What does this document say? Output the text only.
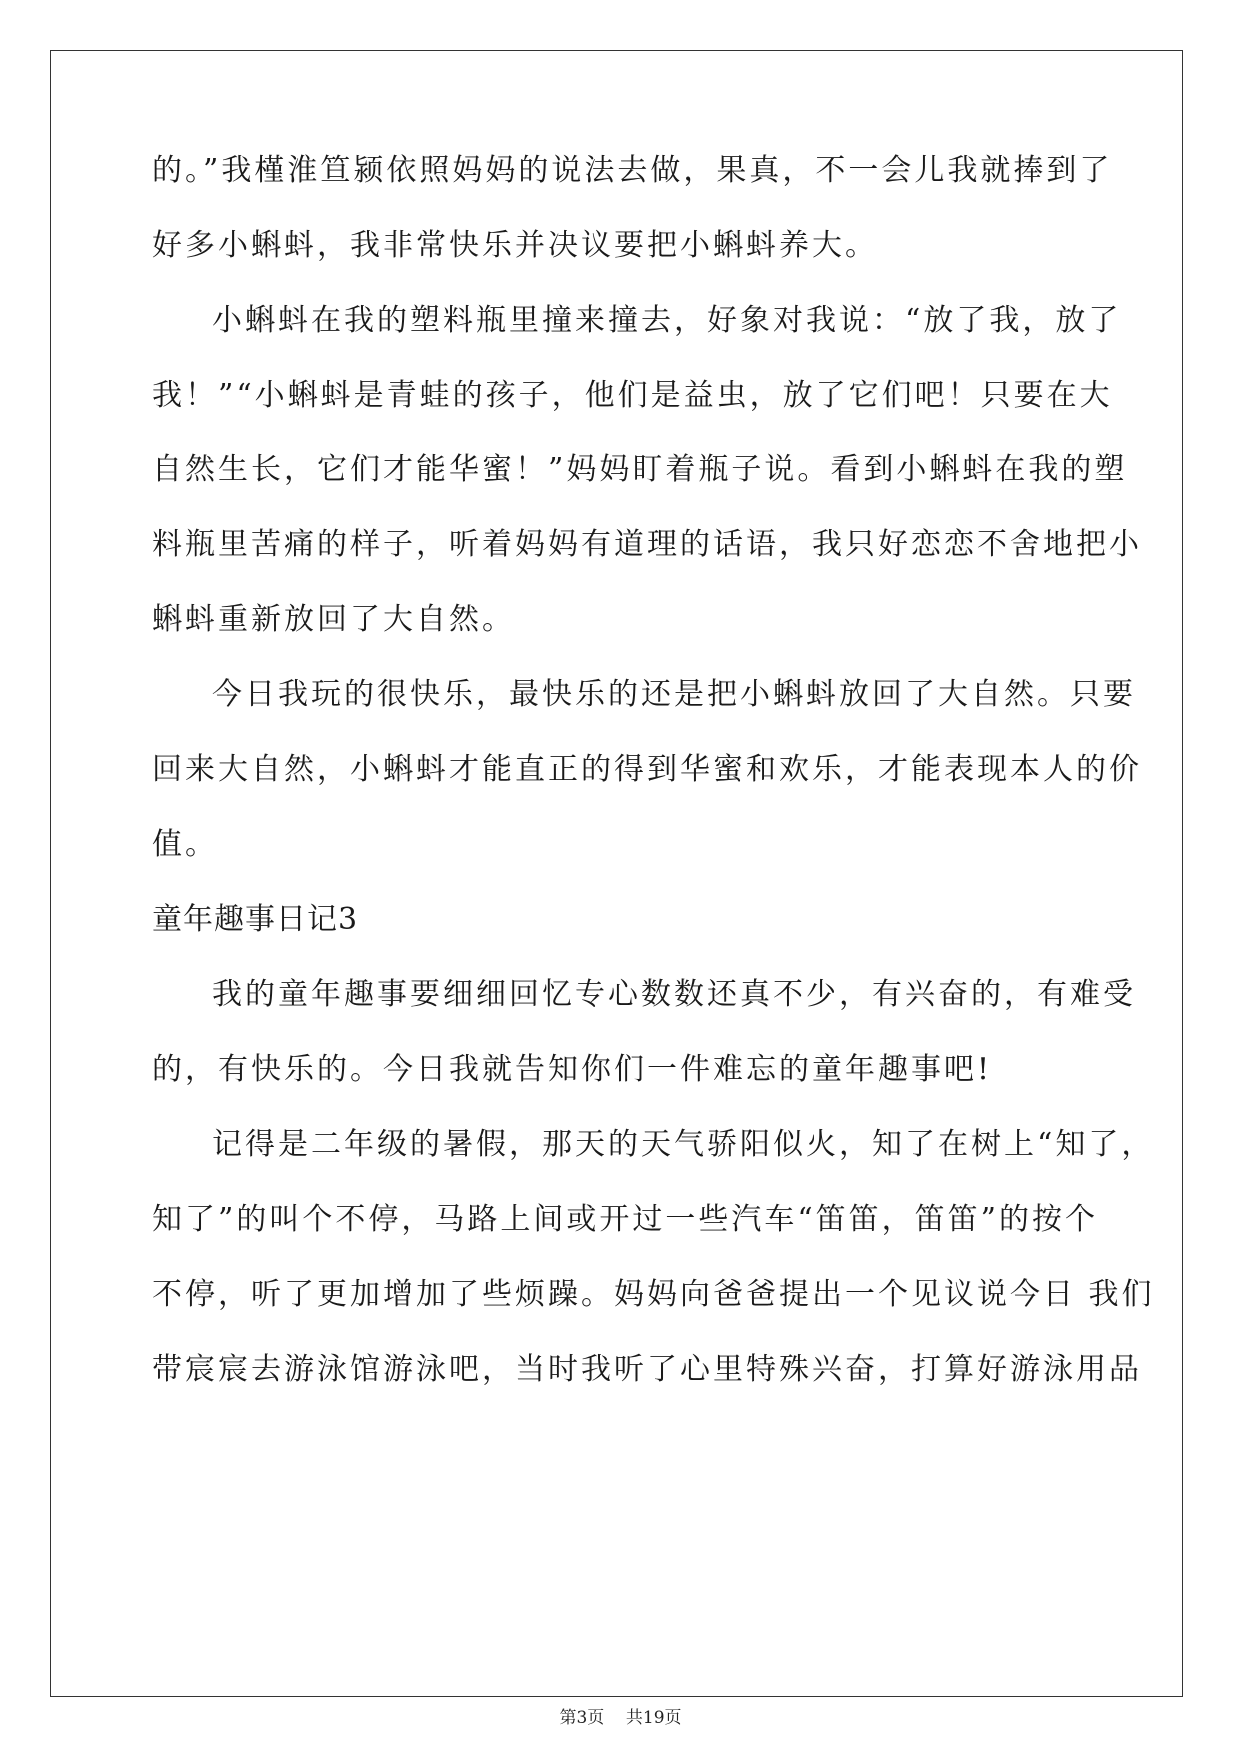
的。”我槿淮笪颍依照妈妈的说法去做，果真，不一会儿我就捧到了
好多小蝌蚪，我非常快乐并决议要把小蝌蚪养大。
小蝌蚪在我的塑料瓶里撞来撞去，好象对我说：“放了我，放了
我！”“小蝌蚪是青蛙的孩子，他们是益虫，放了它们吧！只要在大
自然生长，它们才能华蜜！”妈妈盯着瓶子说。看到小蝌蚪在我的塑
料瓶里苦痛的样子，听着妈妈有道理的话语，我只好恋恋不舍地把小
蝌蚪重新放回了大自然。
今日我玩的很快乐，最快乐的还是把小蝌蚪放回了大自然。只要
回来大自然，小蝌蚪才能直正的得到华蜜和欢乐，才能表现本人的价
值。
童年趣事日记3
我的童年趣事要细细回忆专心数数还真不少，有兴奋的，有难受
的，有快乐的。今日我就告知你们一件难忘的童年趣事吧!
记得是二年级的暑假，那天的天气骄阳似火，知了在树上“知了，
知了”的叫个不停，马路上间或开过一些汽车“笛笛，笛笛”的按个
不停，听了更加增加了些烦躁。妈妈向爸爸提出一个见议说今日 我们
带宸宸去游泳馆游泳吧，当时我听了心里特殊兴奋，打算好游泳用品
第3页 共19页
